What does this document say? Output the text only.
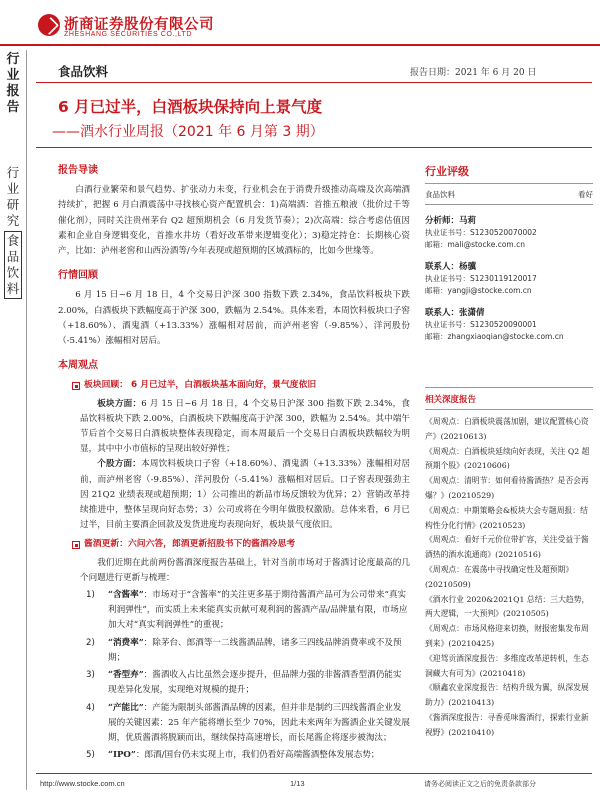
浙商证券股份有限公司
ZHESHANG SECURITIES CO.,LTD
行业报告
行业研究
食品饮料
食品饮料	报告日期：2021 年 6 月 20 日
6 月已过半，白酒板块保持向上景气度
——酒水行业周报（2021 年 6 月第 3 期）
报告导读
白酒行业繁荣和景气趋势、扩张动力未变，行业机会在于消费升级推动高端及次高端酒持续扩，把握 6 月白酒震荡中寻找核心资产配置机会：1)高端酒：首推五粮液（批价过千等催化剂），同时关注贵州茅台 Q2 超预期机会（6 月发货节奏）；2)次高端：综合考虑估值因素和企业自身逻辑变化，首推水井坊（看好改革带来逻辑变化）；3)稳定持仓：长期核心资产，比如：泸州老窖和山西汾酒等/今年表现或超预期的区域酒标的，比如今世缘等。
行情回顾
6 月 15 日~6 月 18 日，4 个交易日沪深 300 指数下跌 2.34%，食品饮料板块下跌 2.00%，白酒板块下跌幅度高于沪深 300，跌幅为 2.54%。具体来看，本周饮料板块口子窖（+18.60%）、酒鬼酒（+13.33%）涨幅相对居前，而泸州老窖（-9.85%）、洋河股份（-5.41%）涨幅相对居后。
本周观点
板块回顾： 6 月已过半，白酒板块基本面向好，景气度依旧
板块方面：6 月 15 日~6 月 18 日，4 个交易日沪深 300 指数下跌 2.34%，食品饮料板块下跌 2.00%，白酒板块下跌幅度高于沪深 300，跌幅为 2.54%。其中端午节后首个交易日白酒板块整体表现稳定，而本周最后一个交易日白酒板块跌幅较为明显，其中中小市值标的呈现出较好弹性；
个股方面：本周饮料板块口子窖（+18.60%）、酒鬼酒（+13.33%）涨幅相对居前，而泸州老窖（-9.85%）、洋河股份（-5.41%）涨幅相对居后。口子窖表现强劲主因 21Q2 业绩表现或超预期；1）公司推出的新品市场反馈较为优异；2）营销改革持续推进中，整体呈现向好态势；3）公司或将在今明年做股权激励。总体来看，6 月已过半，目前主要酒企回款及发货进度均表现向好，板块景气度依旧。
酱酒更新：六问六答，郎酒更新招股书下的酱酒冷思考
我们近期在此前两份酱酒深度报告基础上，针对当前市场对于酱酒讨论度最高的几个问题进行更新与梳理：
1)	“含酱率”：市场对于“含酱率”的关注更多基于期待酱酒产品可为公司带来“真实利润弹性”，而实质上未来能真实贡献可观利润的酱酒产品/品牌量有限，市场应加大对“真实利润弹性”的重视；
2)	“消费率”：除茅台、郎酒等一二线酱酒品牌，诸多三四线品牌消费率或不及预期；
3)	“香型弃”：酱酒收入占比虽然会逐步提升，但品牌力强的非酱酒香型酒仍能实现差异化发展，实现绝对规模的提升；
4)	“产能比”：产能为限制头部酱酒品牌的因素，但并非是制约三四线酱酒企业发展的关键因素：25 年产能将增长至少 70%，因此未来两年为酱酒企业关键发展期，优质酱酒将脱颖而出，继续保持高速增长，而长尾酱企将逐步被淘汰；
5)	“IPO”：郎酒/国台仍未实现上市，我们仍看好高端酱酒整体发展态势；
行业评级
食品饮料	看好
分析师：马莉
执业证书号：S1230520070002
邮箱：mali@stocke.com.cn
联系人：杨骥
执业证书号：S1230119120017
邮箱：yangji@stocke.com.cn
联系人：张潇倩
执业证书号：S1230520090001
邮箱：zhangxiaoqian@stocke.com.cn
相关深度报告
《周观点：白酒板块震荡加剧，建议配置核心资产》(20210613)
《周观点：白酒板块延续向好表现，关注 Q2 超预期个股》(20210606)
《周观点：清明节：如何看待酱酒热？是否会再爆？》(20210529)
《周观点：中期策略会&板块大会专题周报：结构性分化行情》(20210523)
《周观点：看好千元价位带扩容，关注受益于酱酒热的酒水流通商》(20210516)
《周观点：在震荡中寻找确定性及超预期》(20210509)
《酒水行业 2020&2021Q1 总结：三大趋势，两大逻辑，一大预判》(20210505)
《周观点：市场风格迎来切换，财报密集发布周到来》(20210425)
《迎驾贡酒深度报告：多维度改革逆转机，生态洞藏大有可为》(20210418)
《顺鑫农业深度报告：结构升级为翼，纵深发展助力》(20210413)
《酱酒深度报告：寻香觅味酱酒行，探索行业新视野》(20210410)
http://www.stocke.com.cn	1/13	请务必阅读正文之后的免责条款部分
